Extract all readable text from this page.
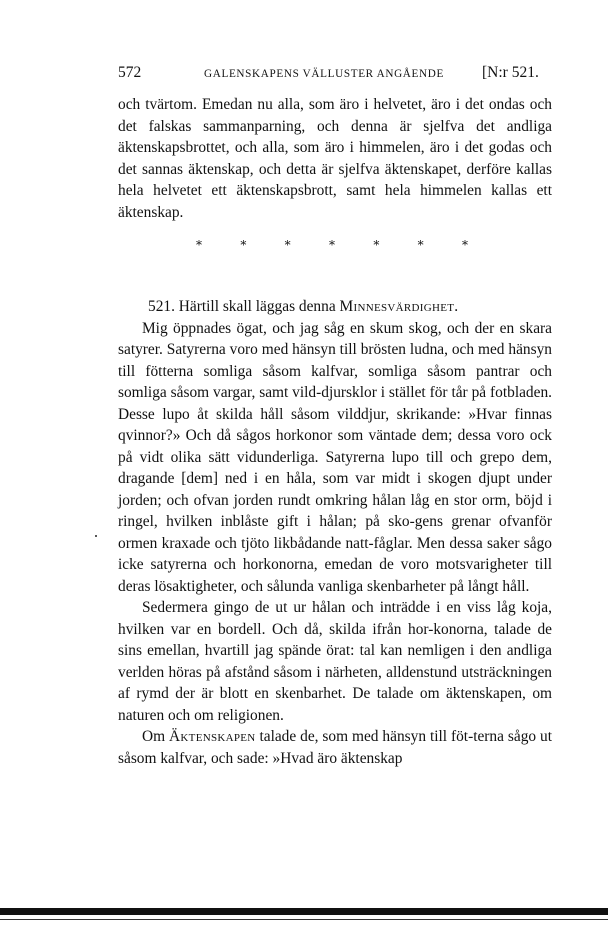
572	GALENSKAPENS VÄLLUSTER ANGÅENDE [N:r 521.

och tvärtom. Emedan nu alla, som äro i helvetet, äro i det ondas och det falskas sammanparning, och denna är sjelfva det andliga äktenskapsbrottet, och alla, som äro i himmelen, äro i det godas och det sannas äktenskap, och detta är sjelfva äktenskapet, derföre kallas hela helvetet ett äktenskapsbrott, samt hela himmelen kallas ett äktenskap.

*	*	*	*	*	*	*

521. Härtill skall läggas denna Minnesvärdighet.

Mig öppnades ögat, och jag såg en skum skog, och der en skara satyrer. Satyrerna voro med hänsyn till brösten ludna, och med hänsyn till fötterna somliga såsom kalfvar, somliga såsom pantrar och somliga såsom vargar, samt vild-djursklor i stället för tår på fotbladen. Desse lupo åt skilda håll såsom vilddjur, skrikande: »Hvar finnas qvinnor?» Och då sågos horkonor som väntade dem; dessa voro ock på vidt olika sätt vidunderliga. Satyrerna lupo till och grepo dem, dragande [dem] ned i en håla, som var midt i skogen djupt under jorden; och ofvan jorden rundt omkring hålan låg en stor orm, böjd i ringel, hvilken inblåste gift i hålan; på sko-gens grenar ofvanför ormen kraxade och tjöto likbådande natt-fåglar. Men dessa saker sågo icke satyrerna och horkonorna, emedan de voro motsvarigheter till deras lösaktigheter, och sålunda vanliga skenbarheter på långt håll.

Sedermera gingo de ut ur hålan och inträdde i en viss låg koja, hvilken var en bordell. Och då, skilda ifrån hor-konorna, talade de sins emellan, hvartill jag spände örat: tal kan nemligen i den andliga verlden höras på afstånd såsom i närheten, alldenstund utsträckningen af rymd der är blott en skenbarhet. De talade om äktenskapen, om naturen och om religionen.

Om Äktenskapen talade de, som med hänsyn till föt-terna sågo ut såsom kalfvar, och sade: »Hvad äro äktenskap
